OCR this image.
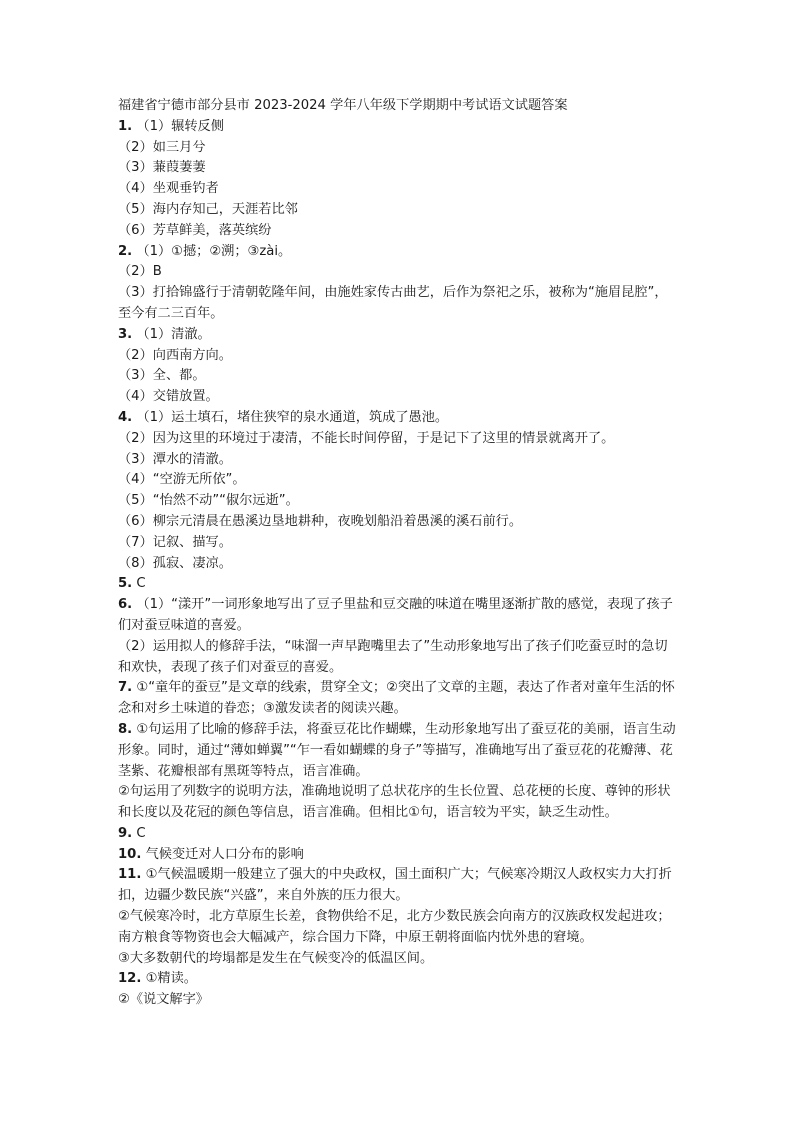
福建省宁德市部分县市 2023-2024 学年八年级下学期期中考试语文试题答案

1. （1）辗转反侧

（2）如三月兮

（3）蒹葭萋萋

（4）坐观垂钓者

（5）海内存知己，天涯若比邻

（6）芳草鲜美，落英缤纷

2. （1）①撼；②溯；③zài。

（2）B

（3）打拾锦盛行于清朝乾隆年间，由施姓家传古曲艺，后作为祭祀之乐，被称为“施眉昆腔”，至今有二三百年。

3. （1）清澈。

（2）向西南方向。

（3）全、都。

（4）交错放置。

4. （1）运土填石，堵住狭窄的泉水通道，筑成了愚池。

（2）因为这里的环境过于凄清，不能长时间停留，于是记下了这里的情景就离开了。

（3）潭水的清澈。

（4）“空游无所依”。

（5）“怡然不动”“俶尔远逝”。

（6）柳宗元清晨在愚溪边垦地耕种，夜晚划船沿着愚溪的溪石前行。

（7）记叙、描写。

（8）孤寂、凄凉。

5. C

6. （1）“漾开”一词形象地写出了豆子里盐和豆交融的味道在嘴里逐渐扩散的感觉，表现了孩子们对蚕豆味道的喜爱。

（2）运用拟人的修辞手法，“味溜一声早跑嘴里去了”生动形象地写出了孩子们吃蚕豆时的急切和欢快，表现了孩子们对蚕豆的喜爱。

7. ①“童年的蚕豆”是文章的线索，贯穿全文；②突出了文章的主题，表达了作者对童年生活的怀念和对乡土味道的眷恋；③激发读者的阅读兴趣。

8. ①句运用了比喻的修辞手法，将蚕豆花比作蝴蝶，生动形象地写出了蚕豆花的美丽，语言生动形象。同时，通过“薄如蝉翼”“乍一看如蝴蝶的身子”等描写，准确地写出了蚕豆花的花瓣薄、花茎紫、花瓣根部有黑斑等特点，语言准确。

②句运用了列数字的说明方法，准确地说明了总状花序的生长位置、总花梗的长度、尊钟的形状和长度以及花冠的颜色等信息，语言准确。但相比①句，语言较为平实，缺乏生动性。

9. C

10. 气候变迁对人口分布的影响

11. ①气候温暖期一般建立了强大的中央政权，国土面积广大；气候寒冷期汉人政权实力大打折扣，边疆少数民族“兴盛”，来自外族的压力很大。

②气候寒冷时，北方草原生长差，食物供给不足，北方少数民族会向南方的汉族政权发起进攻；南方粮食等物资也会大幅减产，综合国力下降，中原王朝将面临内忧外患的窘境。

③大多数朝代的垮塌都是发生在气候变冷的低温区间。

12. ①精读。

②《说文解字》
